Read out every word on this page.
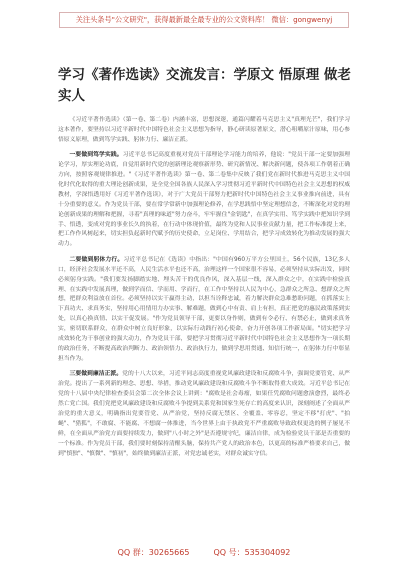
关注头条号"公文研究"，获得最新最全最专业的公文资料库！ 微信：gongwenyj
学习《著作选读》交流发言：学原文 悟原理 做老实人

《习近平著作选读》（第一卷、第二卷）内涵丰富，思想深邃，通篇闪耀着马克思主义"真理光芒"，我们学习这本著作，要坚持以习近平新时代中国特色社会主义思想为指导，静心研读原著原文，潜心咀嚼原汁原味，用心参悟原义原理，做到笃学实践、躬体力行、廉洁正派。

一要做到笃学实践。习近平总书记高度重视对党员干部理论学习能力的培养，他说："党员干部一定要加强理论学习，厚实理论功底，自觉用新时代党的创新理论观察新形势、研究新情况、解决新问题，使各项工作朝着正确方向，按照客观规律推进。"《习近平著作选读》第一卷、第二卷集中反映了我们党在新时代推进马克思主义中国化时代化取得的重大理论创新成果，是全党全国各族人民深入学习贯彻习近平新时代中国特色社会主义思想的权威教材，学深悟透用好《习近平著作选读》，对于广大党员干部努力把新时代中国特色社会主义事业推向前进，具有十分重要的意义。作为党员干部，要在常学常新中加强理论修养，在学思践悟中坚定理想信念，不断深化对党的理论创新成果的理解和把握，寻着"真理的味道"努力奋斗，牢牢握住"金钥匙"，在真学实用、笃学实践中把知识学到手、悟透，变成对党的事业长久的执着，在行动中体现价值，最终为党和人民事业贡献力量，把工作标准提上来，把工作作风树起来，切实担负起新时代赋予的历史使命，立足岗位、学用结合，把学习成效转化为推动发展的强大动力。

二要做到躬体力行。习近平总书记在《选读》中指出："中国有960万平方公里国土，56个民族，13亿多人口，经济社会发展水平还不高，人民生活水平也还不高，治理这样一个国家很不容易，必须坚持从实际出发，同时必须躬身实践。"我们要发扬脚踏实地、埋头苦干的优良作风，深入基层一线，深入群众之中，在实践中检验真理、在实践中发展真理，做到学而信、学而用、学而行，在工作中坚持以人民为中心，急群众之所急、想群众之所想，把群众利益放在首位。必须坚持以实干赢得主动，以担当诠释忠诚，着力解决群众急难愁盼问题，在抓落实上下真功夫、求真务实，坚持用心用情用力办实事、解难题，做到心中有责、肩上有担，真正把党的惠民政策落到实处，以真心换真情、以实干促发展。"作为党员领导干部，更要以身作则，做到有令必行、有禁必止，做到求真务实，密切联系群众，在群众中树立良好形象，以实际行动践行初心使命，奋力开创各项工作新局面。"切实把学习成效转化为干事创业的强大动力，作为党员干部，要把学习贯彻习近平新时代中国特色社会主义思想作为一项长期的政治任务，不断提高政治判断力、政治领悟力、政治执行力，做到学思用贯通、知信行统一，在躬体力行中彰显担当作为。

三要做到廉洁正派。党的十八大以来，习近平同志高度重视党风廉政建设和反腐败斗争，强调党要管党、从严治党。提出了一系列新的理念、思想、举措，推动党风廉政建设和反腐败斗争不断取得重大成效。习近平总书记在党的十八届中央纪律检查委员会第二次全体会议上讲到："腐败是社会毒瘤，如果任凭腐败问题愈演愈烈，最终必然亡党亡国。我们党把党风廉政建设和反腐败斗争提到关系党和国家生死存亡的高度来认识，深刻阐述了全面从严治党的重大意义，明确指出党要管党、从严治党，坚持反腐无禁区、全覆盖、零容忍，坚定不移"打虎"、"拍蝇"、"猎狐"，不敢腐、不能腐、不想腐一体推进，当今世界上由于执政党不严重腐败导致政权更迭的例子屡见不鲜，在全面从严治党方面要持续发力，做到"八小时之外"是否遵规守纪，廉洁自律，成为检验党员干部是否重要的一个标准。作为党员干部，我们要时刻保持清醒头脑，保持共产党人的政治本色，以更高的标准严格要求自己，做到"慎独"、"慎微"、"慎初"，始终做到廉洁正派，对党忠诚老实，对群众诚实守信。

QQ 群：30265665	QQ 号：535304092
